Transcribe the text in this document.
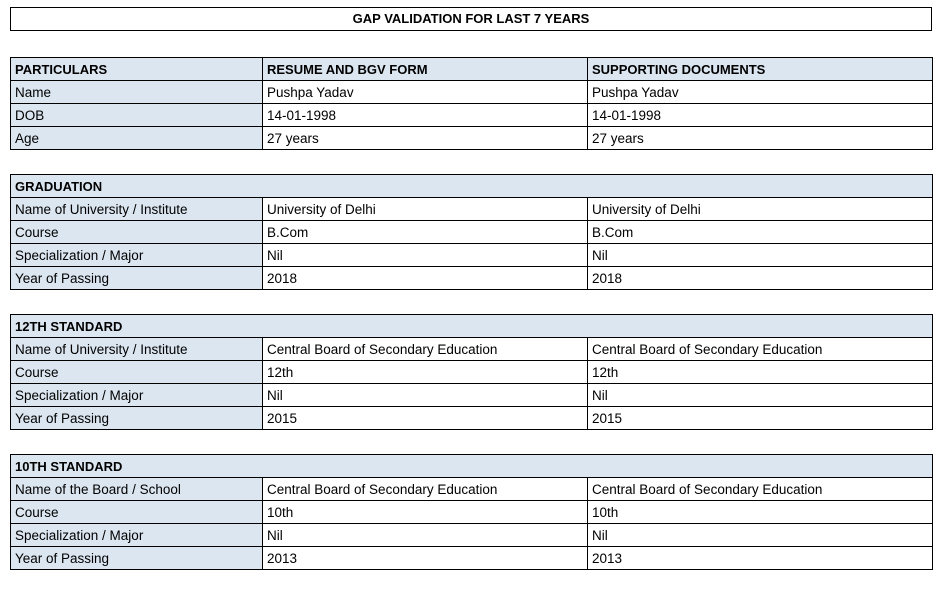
GAP VALIDATION FOR LAST 7 YEARS
PARTICULARS	RESUME AND BGV FORM	SUPPORTING DOCUMENTS
Name	Pushpa Yadav	Pushpa Yadav
DOB	14-01-1998	14-01-1998
Age	27 years	27 years
GRADUATION		
Name of University / Institute	University of Delhi	University of Delhi
Course	B.Com	B.Com
Specialization / Major	Nil	Nil
Year of Passing	2018	2018
12TH STANDARD		
Name of University / Institute	Central Board of Secondary Education	Central Board of Secondary Education
Course	12th	12th
Specialization / Major	Nil	Nil
Year of Passing	2015	2015
10TH STANDARD		
Name of the Board / School	Central Board of Secondary Education	Central Board of Secondary Education
Course	10th	10th
Specialization / Major	Nil	Nil
Year of Passing	2013	2013
